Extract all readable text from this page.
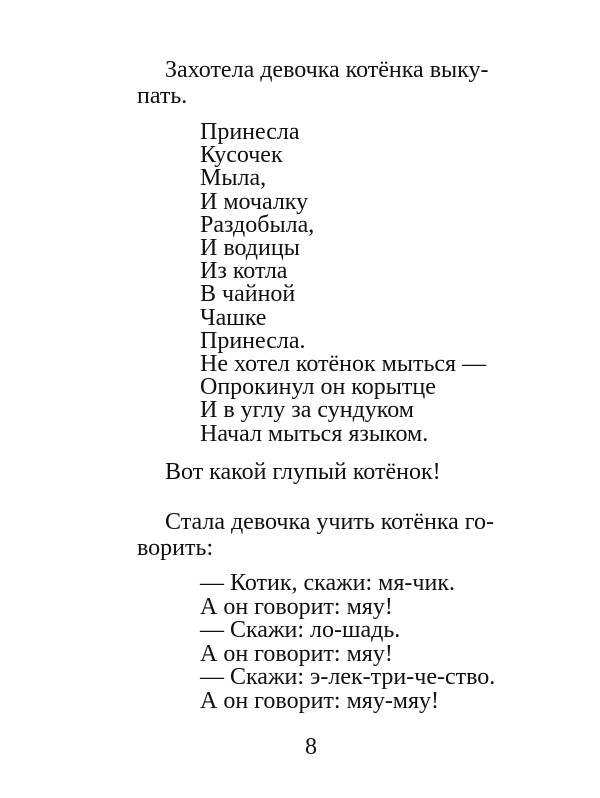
Захотела девочка котёнка выку-
пать.

Принесла
Кусочек
Мыла,
И мочалку
Раздобыла,
И водицы
Из котла
В чайной
Чашке
Принесла.
Не хотел котёнок мыться —
Опрокинул он корытце
И в углу за сундуком
Начал мыться языком.

Вот какой глупый котёнок!

Стала девочка учить котёнка го-
ворить:

— Котик, скажи: мя-чик.
А он говорит: мяу!
— Скажи: ло-шадь.
А он говорит: мяу!
— Скажи: э-лек-три-че-ство.
А он говорит: мяу-мяу!

8
